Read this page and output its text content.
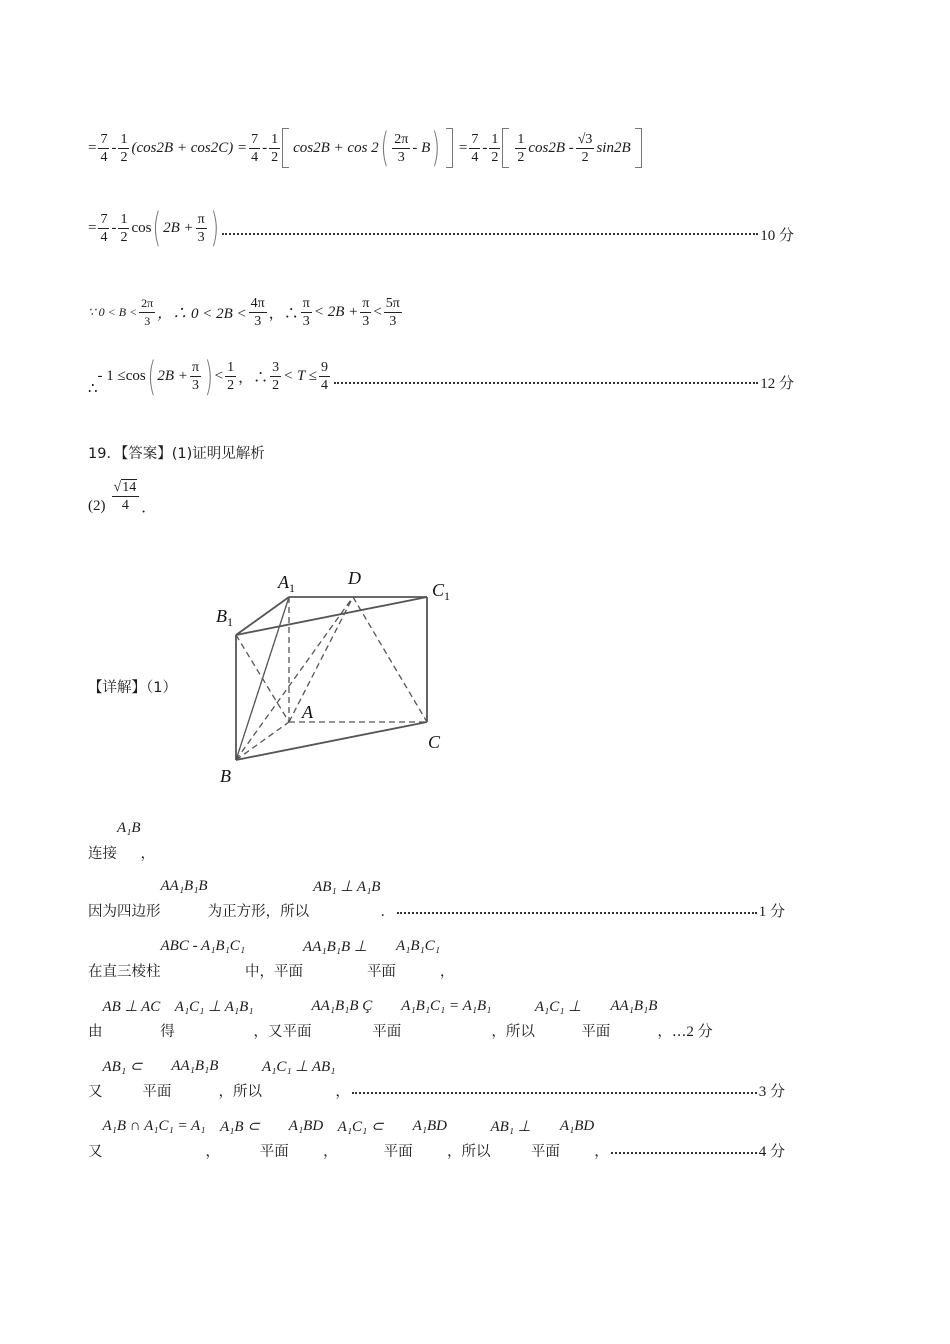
= $\frac{7}{4} - \frac{1}{2} (\cos 2B + \cos 2C) = \frac{7}{4} - \frac{1}{2} \cos 2B + \cos 2$ ( $\frac{2\pi}{3}$ - B ) = $\frac{7}{4} - \frac{1}{2} \frac{1}{2} \cos 2B - \frac{√3}{2} \sin 2B$
= $\frac{7}{4} - \frac{1}{2}$ cos ( $2B + \frac{\pi}{3}$ )	10 分
∵ $0 < B < \frac{2\pi}{3}$ ，∴ $0 < 2B < \frac{4\pi}{3}$ ，∴ $\frac{\pi}{3} < 2B + \frac{\pi}{3} < \frac{5\pi}{3}$
∴
- 1 ≤cos ( $2B + \frac{\pi}{3}$ ) < $\frac{1}{2}$ ，∴ $\frac{3}{2} < T \le \frac{9}{4}$	12 分
19．【答案】(1)证明见解析
$(2) \frac{√14}{4}$ ．
【详解】（1）
$A_1$	D
$C_1$
$B_1$
A
C
B
连接
A₁B
，
因为四边形
AA₁B₁B
为正方形，所以
AB₁ ⊥ A₁B
．	1 分
在直三棱柱
ABC - A₁B₁C₁
中，平面
AA₁B₁B ⊥
平面
A₁B₁C₁
，
由
AB ⊥ AC
得
A₁C₁ ⊥ A₁B₁
，又平面
AA₁B₁B Ç
平面
A₁B₁C₁ = A₁B₁
，所以
A₁C₁ ⊥
平面
AA₁B₁B
，… 2 分
又
AB₁ ⊂
平面
AA₁B₁B
，所以
A₁C₁ ⊥ AB₁
，	3 分
又
A₁B ∩ A₁C₁ = A₁
，
A₁B ⊂
平面
A₁BD
，
A₁C₁ ⊂
平面
A₁BD
，所以
AB₁ ⊥
平面
A₁BD
，	4 分
